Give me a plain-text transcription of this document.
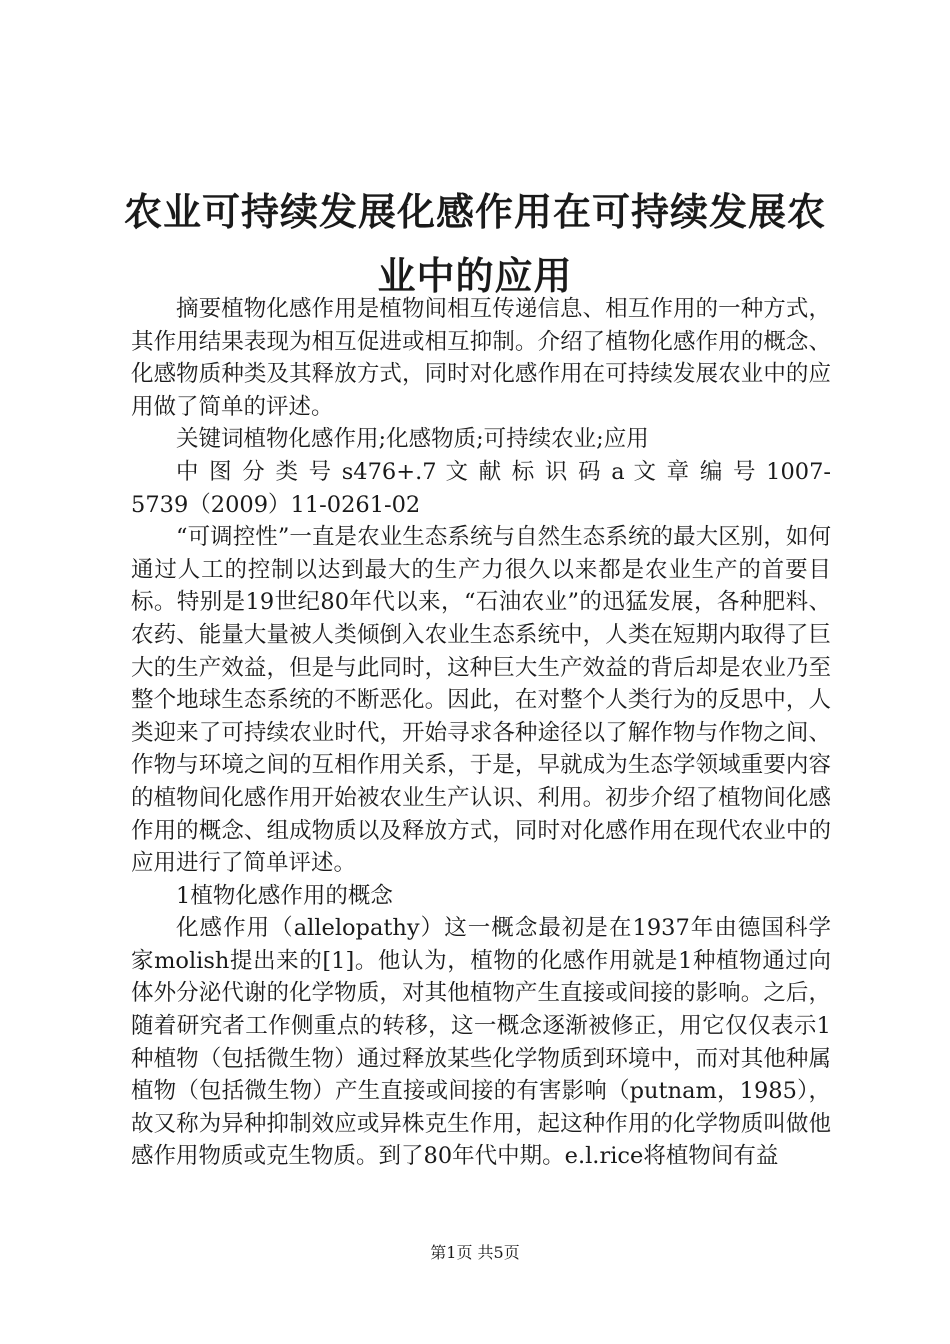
农业可持续发展化感作用在可持续发展农业中的应用

摘要植物化感作用是植物间相互传递信息、相互作用的一种方式，其作用结果表现为相互促进或相互抑制。介绍了植物化感作用的概念、化感物质种类及其释放方式，同时对化感作用在可持续发展农业中的应用做了简单的评述。

关键词植物化感作用;化感物质;可持续农业;应用

中 图 分 类 号 s476+.7 文 献 标 识 码 a 文 章 编 号 1007-5739（2009）11-0261-02

“可调控性”一直是农业生态系统与自然生态系统的最大区别，如何通过人工的控制以达到最大的生产力很久以来都是农业生产的首要目标。特别是19世纪80年代以来，“石油农业”的迅猛发展，各种肥料、农药、能量大量被人类倾倒入农业生态系统中，人类在短期内取得了巨大的生产效益，但是与此同时，这种巨大生产效益的背后却是农业乃至整个地球生态系统的不断恶化。因此，在对整个人类行为的反思中，人类迎来了可持续农业时代，开始寻求各种途径以了解作物与作物之间、作物与环境之间的互相作用关系，于是，早就成为生态学领域重要内容的植物间化感作用开始被农业生产认识、利用。初步介绍了植物间化感作用的概念、组成物质以及释放方式，同时对化感作用在现代农业中的应用进行了简单评述。

1植物化感作用的概念

化感作用（allelopathy）这一概念最初是在1937年由德国科学家molish提出来的[1]。他认为，植物的化感作用就是1种植物通过向体外分泌代谢的化学物质，对其他植物产生直接或间接的影响。之后，随着研究者工作侧重点的转移，这一概念逐渐被修正，用它仅仅表示1种植物（包括微生物）通过释放某些化学物质到环境中，而对其他种属植物（包括微生物）产生直接或间接的有害影响（putnam，1985），故又称为异种抑制效应或异株克生作用，起这种作用的化学物质叫做他感作用物质或克生物质。到了80年代中期。e.l.rice将植物间有益

第1页 共5页
